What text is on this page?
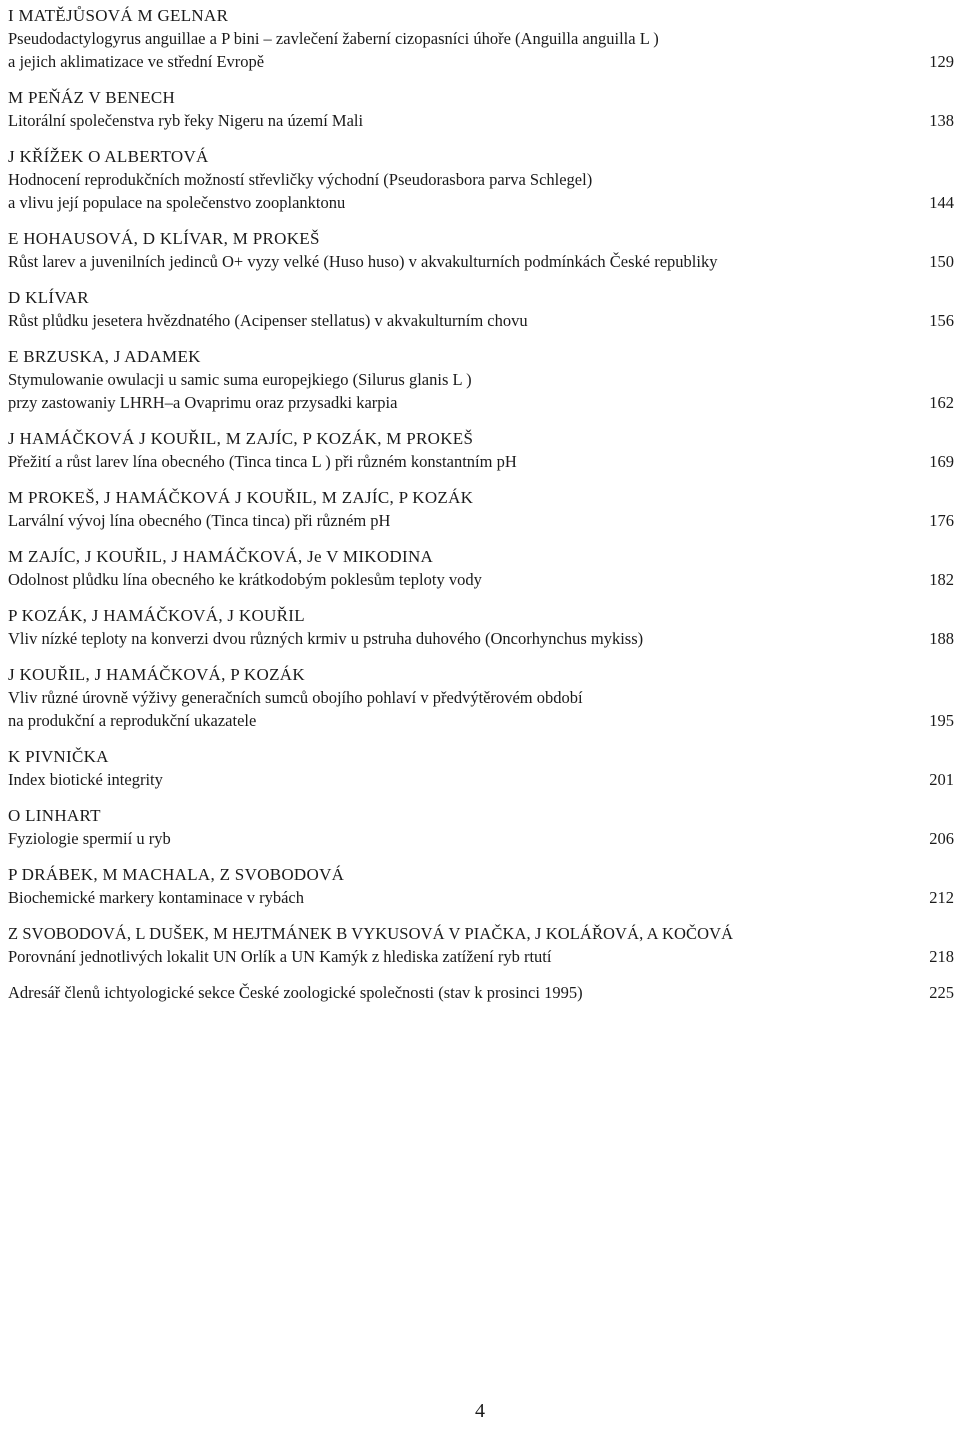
I MATĚJŮSOVÁ M GELNAR
Pseudodactylogyrus anguillae a P bini – zavlečení žaberní cizopasníci úhoře (Anguilla anguilla L )
a jejich aklimatizace ve střední Evropě	129
M PEŇÁZ V BENECH
Litorální společenstva ryb řeky Nigeru na území Mali	138
J KŘÍŽEK O ALBERTOVÁ
Hodnocení reprodukčních možností střevličky východní (Pseudorasbora parva Schlegel)
a vlivu její populace na společenstvo zooplanktonu	144
E HOHAUSOVÁ, D KLÍVAR, M PROKEŠ
Růst larev a juvenilních jedinců O+ vyzy velké (Huso huso) v akvakulturních podmínkách České republiky	150
D KLÍVAR
Růst plůdku jesetera hvězdnatého (Acipenser stellatus) v akvakulturním chovu	156
E BRZUSKA, J ADAMEK
Stymulowanie owulacji u samic suma europejkiego (Silurus glanis L )
przy zastowaniy LHRH–a Ovaprimu oraz przysadki karpia	162
J HAMÁČKOVÁ J KOUŘIL, M ZAJÍC, P KOZÁK, M PROKEŠ
Přežití a růst larev lína obecného (Tinca tinca L ) při různém konstantním pH	169
M PROKEŠ, J HAMÁČKOVÁ J KOUŘIL, M ZAJÍC, P KOZÁK
Larvální vývoj lína obecného (Tinca tinca) při různém pH	176
M ZAJÍC, J KOUŘIL, J HAMÁČKOVÁ, Je V MIKODINA
Odolnost plůdku lína obecného ke krátkodobým poklesům teploty vody	182
P KOZÁK, J HAMÁČKOVÁ, J KOUŘIL
Vliv nízké teploty na konverzi dvou různých krmiv u pstruha duhového (Oncorhynchus mykiss)	188
J KOUŘIL, J HAMÁČKOVÁ, P KOZÁK
Vliv různé úrovně výživy generačních sumců obojího pohlaví v předvýtěrovém období
na produkční a reprodukční ukazatele	195
K PIVNIČKA
Index biotické integrity	201
O LINHART
Fyziologie spermií u ryb	206
P DRÁBEK, M MACHALA, Z SVOBODOVÁ
Biochemické markery kontaminace v rybách	212
Z SVOBODOVÁ, L DUŠEK, M HEJTMÁNEK B VYKUSOVÁ V PIAČKA, J KOLÁŘOVÁ, A KOČOVÁ
Porovnání jednotlivých lokalit UN Orlík a UN Kamýk z hlediska zatížení ryb rtutí	218
Adresář členů ichtyologické sekce České zoologické společnosti (stav k prosinci 1995)	225
4
